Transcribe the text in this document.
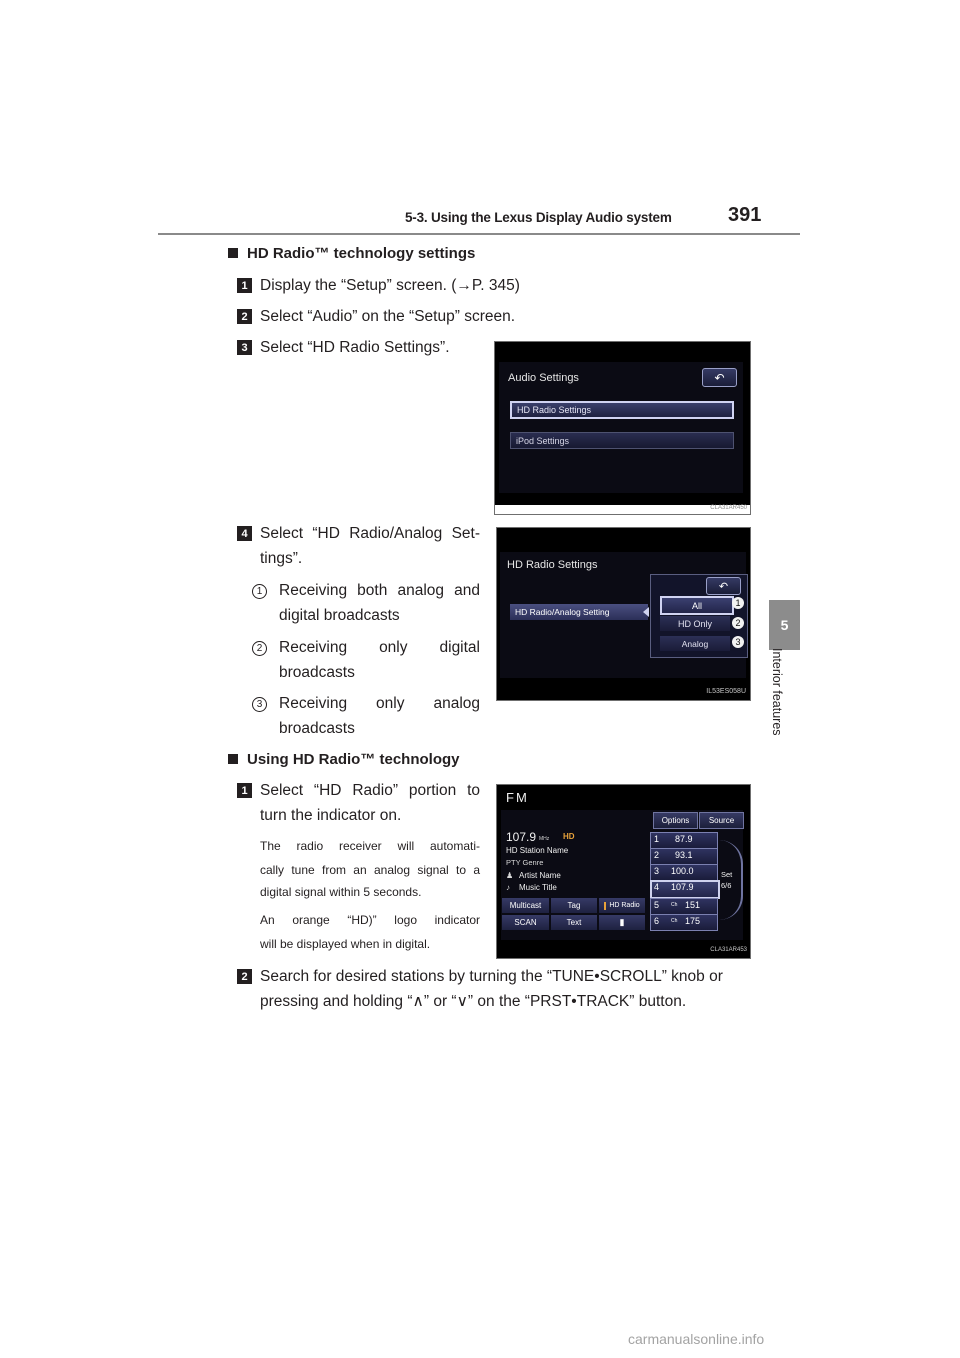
5-3. Using the Lexus Display Audio system	391
5
Interior features
HD Radio™ technology settings
1 Display the “Setup” screen. (→P. 345)
2 Select “Audio” on the “Setup” screen.
3 Select “HD Radio Settings”.
Audio Settings	↶
HD Radio Settings
iPod Settings
CLA31AR450
4 Select “HD Radio/Analog Set-
tings”.
1	Receiving both analog and
digital broadcasts
2	Receiving only digital
broadcasts
3	Receiving only analog
broadcasts
HD Radio Settings
↶
HD Radio/Analog Setting
All
HD Only
Analog
1
2
3
IL53ES058U
Using HD Radio™ technology
1 Select “HD Radio” portion to
turn the indicator on.
The radio receiver will automati-
cally tune from an analog signal to a
digital signal within 5 seconds.
An orange “HD)” logo indicator
will be displayed when in digital.
FM
107.9 MHz HD
HD Station Name
PTY Genre
♟ Artist Name
♪ Music Title
Options	Source
1 87.9
2 93.1
3 100.0
4 107.9
5 Ch 151
6 Ch 175
Set
6/6
Multicast	Tag	HD Radio
SCAN	Text	▮
CLA31AR453
2 Search for desired stations by turning the “TUNE•SCROLL” knob or
pressing and holding “∧” or “∨” on the “PRST•TRACK” button.
carmanualsonline.info
